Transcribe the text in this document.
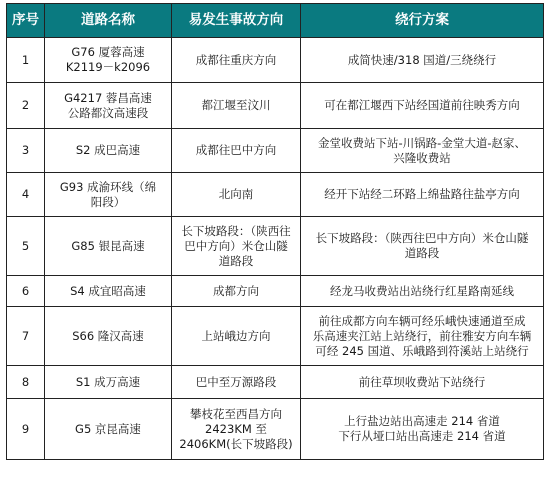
序号	道路名称	易发生事故方向	绕行方案
1	G76 厦蓉高速
K2119－k2096	成都往重庆方向	成简快速/318 国道/三绕绕行

2	G4217 蓉昌高速
公路都汶高速段	都江堰至汶川	可在都江堰西下站经国道前往映秀方向

3	S2 成巴高速	成都往巴中方向	金堂收费站下站-川锅路-金堂大道-赵家、
兴隆收费站

4	G93 成渝环线（绵
阳段）	北向南	经开下站经二环路上绵盐路往盐亭方向

5	G85 银昆高速	长下坡路段：（陕西往
巴中方向）米仓山隧
道路段	长下坡路段：（陕西往巴中方向）米仓山隧
道路段

6	S4 成宜昭高速	成都方向	经龙马收费站出站绕行红星路南延线

7	S66 隆汉高速	上站峨边方向	前往成都方向车辆可经乐峨快速通道至成
乐高速夹江站上站绕行，前往雅安方向车辆
可经 245 国道、乐峨路到符溪站上站绕行

8	S1 成万高速	巴中至万源路段	前往草坝收费站下站绕行

9	G5 京昆高速	攀枝花至西昌方向
2423KM 至
2406KM(长下坡路段)	上行盐边站出高速走 214 省道
下行从垭口站出高速走 214 省道
